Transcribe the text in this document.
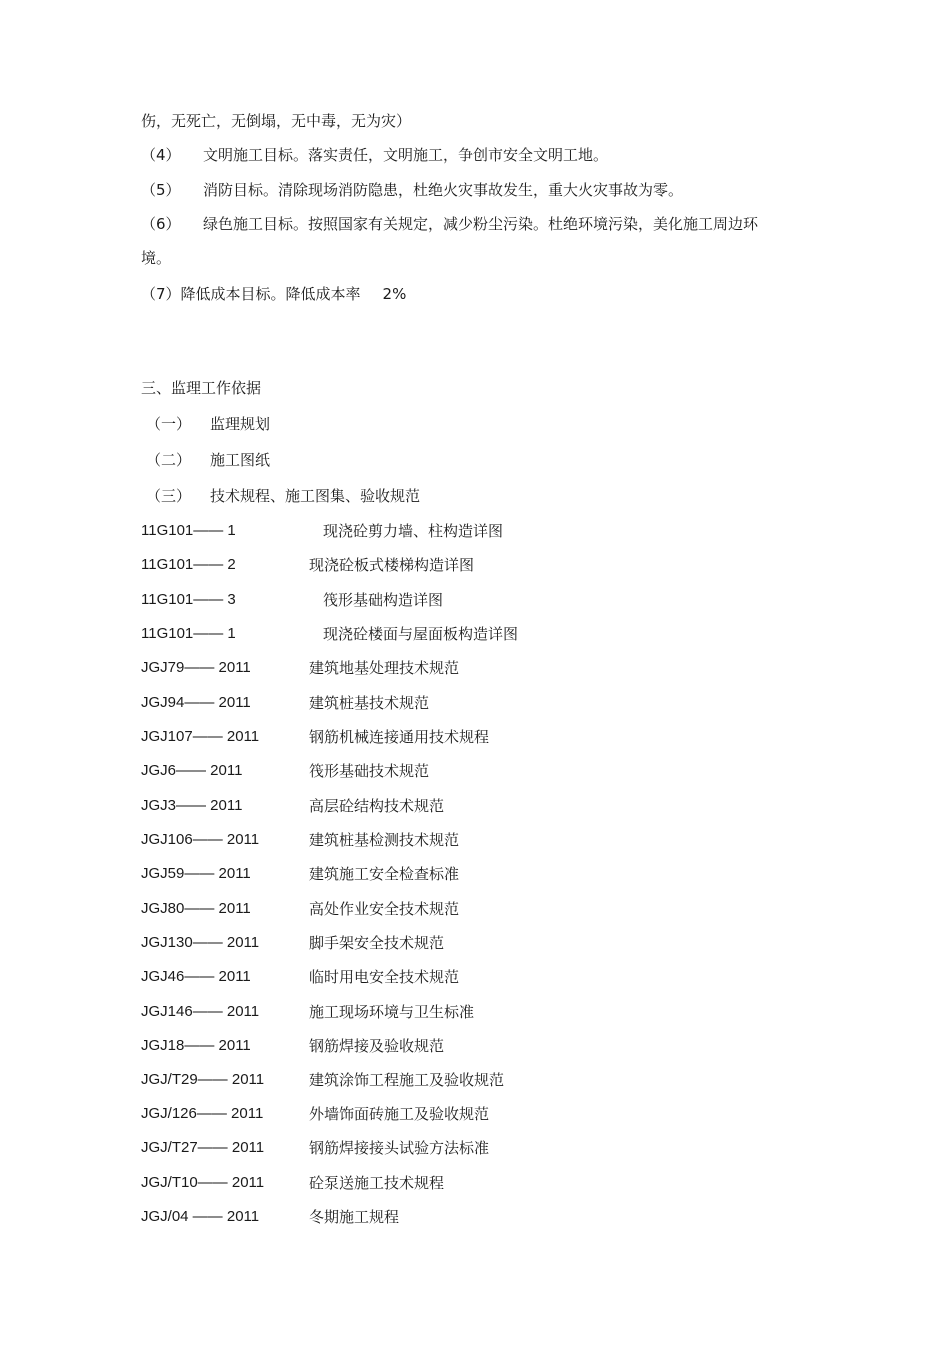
伤，无死亡，无倒塌，无中毒，无为灾）
（4） 文明施工目标。落实责任，文明施工，争创市安全文明工地。
（5） 消防目标。清除现场消防隐患，杜绝火灾事故发生，重大火灾事故为零。
（6） 绿色施工目标。按照国家有关规定，减少粉尘污染。杜绝环境污染，美化施工周边环
境。
（7）降低成本目标。降低成本率 2%
三、监理工作依据
（一） 监理规划
（二） 施工图纸
（三） 技术规程、施工图集、验收规范
11G101—— 1	现浇砼剪力墙、柱构造详图
11G101—— 2	现浇砼板式楼梯构造详图
11G101—— 3	筏形基础构造详图
11G101—— 1	现浇砼楼面与屋面板构造详图
JGJ79—— 2011	建筑地基处理技术规范
JGJ94—— 2011	建筑桩基技术规范
JGJ107—— 2011	钢筋机械连接通用技术规程
JGJ6—— 2011	筏形基础技术规范
JGJ3—— 2011	高层砼结构技术规范
JGJ106—— 2011	建筑桩基检测技术规范
JGJ59—— 2011	建筑施工安全检查标准
JGJ80—— 2011	高处作业安全技术规范
JGJ130—— 2011	脚手架安全技术规范
JGJ46—— 2011	临时用电安全技术规范
JGJ146—— 2011	施工现场环境与卫生标准
JGJ18—— 2011	钢筋焊接及验收规范
JGJ/T29—— 2011	建筑涂饰工程施工及验收规范
JGJ/126—— 2011	外墙饰面砖施工及验收规范
JGJ/T27—— 2011	钢筋焊接接头试验方法标准
JGJ/T10—— 2011	砼泵送施工技术规程
JGJ/04 —— 2011	冬期施工规程
